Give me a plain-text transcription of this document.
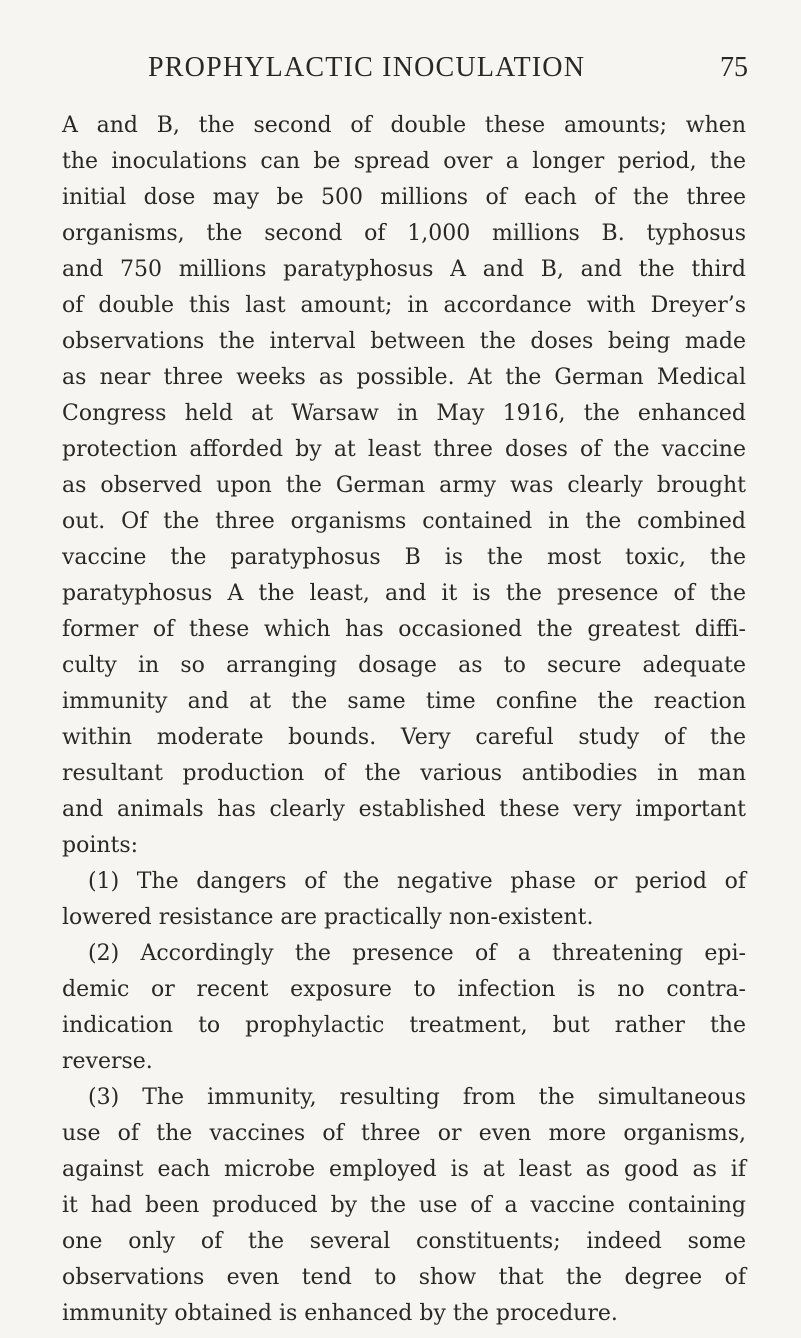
PROPHYLACTIC INOCULATION	75
A and B, the second of double these amounts; when
the inoculations can be spread over a longer period, the
initial dose may be 500 millions of each of the three
organisms, the second of 1,000 millions B. typhosus
and 750 millions paratyphosus A and B, and the third
of double this last amount; in accordance with Dreyer’s
observations the interval between the doses being made
as near three weeks as possible. At the German Medical
Congress held at Warsaw in May 1916, the enhanced
protection afforded by at least three doses of the vaccine
as observed upon the German army was clearly brought
out. Of the three organisms contained in the combined
vaccine the paratyphosus B is the most toxic, the
paratyphosus A the least, and it is the presence of the
former of these which has occasioned the greatest diffi-
culty in so arranging dosage as to secure adequate
immunity and at the same time confine the reaction
within moderate bounds. Very careful study of the
resultant production of the various antibodies in man
and animals has clearly established these very important
points:
(1) The dangers of the negative phase or period of
lowered resistance are practically non-existent.
(2) Accordingly the presence of a threatening epi-
demic or recent exposure to infection is no contra-
indication to prophylactic treatment, but rather the
reverse.
(3) The immunity, resulting from the simultaneous
use of the vaccines of three or even more organisms,
against each microbe employed is at least as good as if
it had been produced by the use of a vaccine containing
one only of the several constituents; indeed some
observations even tend to show that the degree of
immunity obtained is enhanced by the procedure.
